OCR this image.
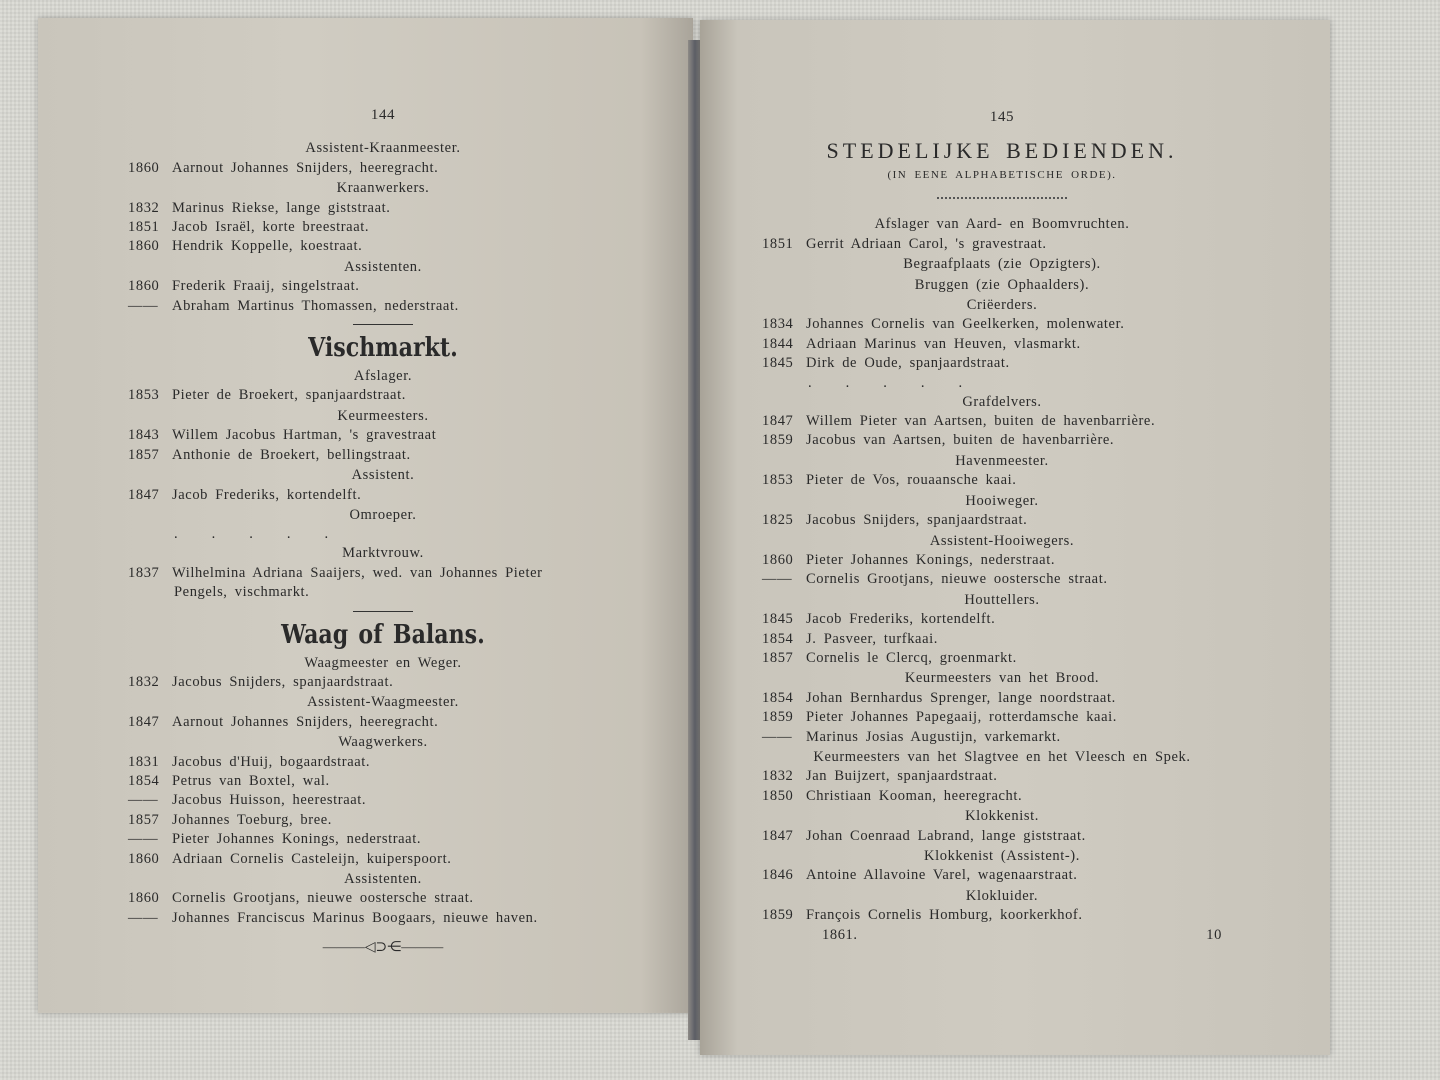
144
Assistent-Kraanmeester.
1860 Aarnout Johannes Snijders, heeregracht.
Kraanwerkers.
1832 Marinus Riekse, lange giststraat.
1851 Jacob Israël, korte breestraat.
1860 Hendrik Koppelle, koestraat.
Assistenten.
1860 Frederik Fraaij, singelstraat.
—— Abraham Martinus Thomassen, nederstraat.
Vischmarkt.
Afslager.
1853 Pieter de Broekert, spanjaardstraat.
Keurmeesters.
1843 Willem Jacobus Hartman, 's gravestraat
1857 Anthonie de Broekert, bellingstraat.
Assistent.
1847 Jacob Frederiks, kortendelft.
Omroeper.
.....
Marktvrouw.
1837 Wilhelmina Adriana Saaijers, wed. van Johannes Pieter
Pengels, vischmarkt.
Waag of Balans.
Waagmeester en Weger.
1832 Jacobus Snijders, spanjaardstraat.
Assistent-Waagmeester.
1847 Aarnout Johannes Snijders, heeregracht.
Waagwerkers.
1831 Jacobus d'Huij, bogaardstraat.
1854 Petrus van Boxtel, wal.
—— Jacobus Huisson, heerestraat.
1857 Johannes Toeburg, bree.
—— Pieter Johannes Konings, nederstraat.
1860 Adriaan Cornelis Casteleijn, kuiperspoort.
Assistenten.
1860 Cornelis Grootjans, nieuwe oostersche straat.
—— Johannes Franciscus Marinus Boogaars, nieuwe haven.
———◁⊃⋲———
145
STEDELIJKE BEDIENDEN.
(IN EENE ALPHABETISCHE ORDE).
Afslager van Aard- en Boomvruchten.
1851 Gerrit Adriaan Carol, 's gravestraat.
Begraafplaats (zie Opzigters).
Bruggen (zie Ophaalders).
Criëerders.
1834 Johannes Cornelis van Geelkerken, molenwater.
1844 Adriaan Marinus van Heuven, vlasmarkt.
1845 Dirk de Oude, spanjaardstraat.
.....
Grafdelvers.
1847 Willem Pieter van Aartsen, buiten de havenbarrière.
1859 Jacobus van Aartsen, buiten de havenbarrière.
Havenmeester.
1853 Pieter de Vos, rouaansche kaai.
Hooiweger.
1825 Jacobus Snijders, spanjaardstraat.
Assistent-Hooiwegers.
1860 Pieter Johannes Konings, nederstraat.
—— Cornelis Grootjans, nieuwe oostersche straat.
Houttellers.
1845 Jacob Frederiks, kortendelft.
1854 J. Pasveer, turfkaai.
1857 Cornelis le Clercq, groenmarkt.
Keurmeesters van het Brood.
1854 Johan Bernhardus Sprenger, lange noordstraat.
1859 Pieter Johannes Papegaaij, rotterdamsche kaai.
—— Marinus Josias Augustijn, varkemarkt.
Keurmeesters van het Slagtvee en het Vleesch en Spek.
1832 Jan Buijzert, spanjaardstraat.
1850 Christiaan Kooman, heeregracht.
Klokkenist.
1847 Johan Coenraad Labrand, lange giststraat.
Klokkenist (Assistent-).
1846 Antoine Allavoine Varel, wagenaarstraat.
Klokluider.
1859 François Cornelis Homburg, koorkerkhof.
1861.	10
